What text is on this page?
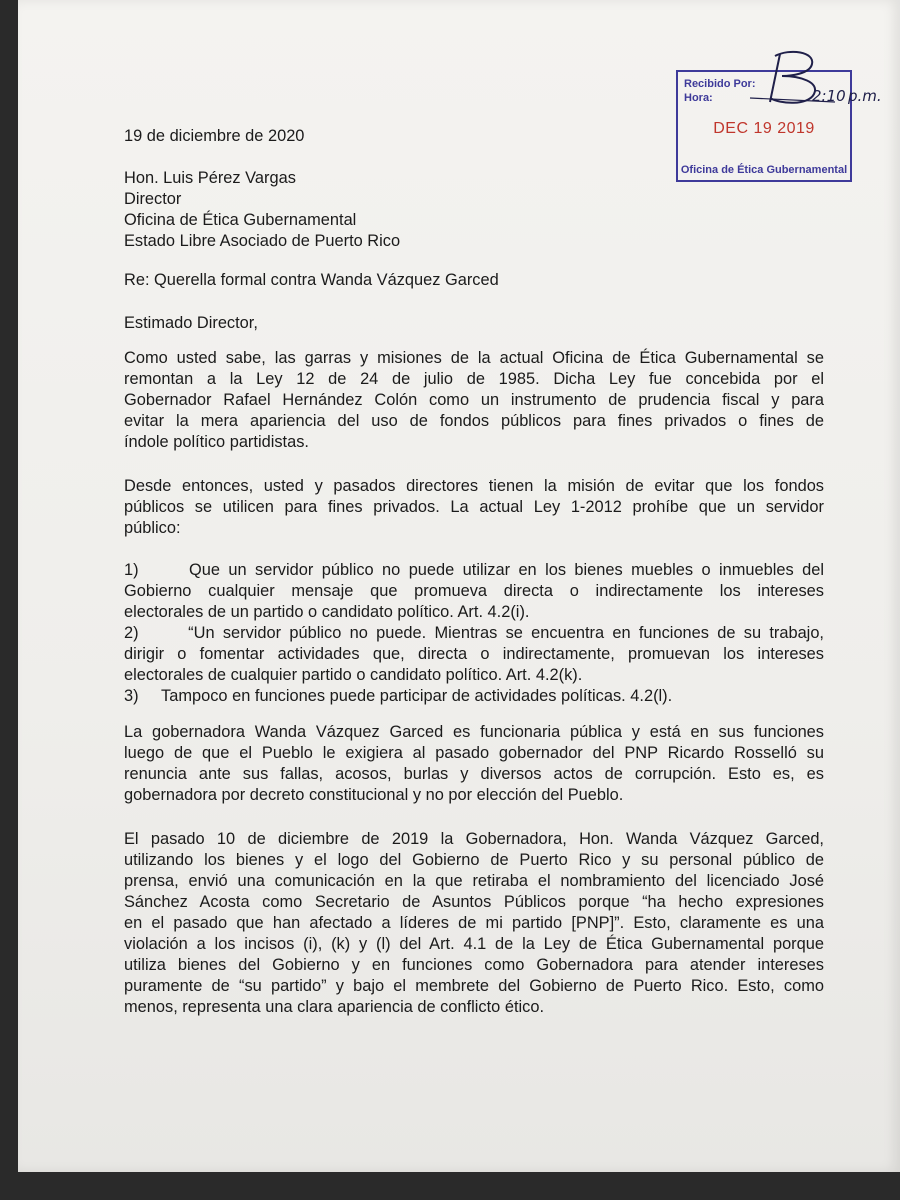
Recibido Por:
Hora:
DEC 19 2019
Oficina de Ética Gubernamental
2:10 p.m.
19 de diciembre de 2020
Hon. Luis Pérez Vargas
Director
Oficina de Ética Gubernamental
Estado Libre Asociado de Puerto Rico
Re: Querella formal contra Wanda Vázquez Garced
Estimado Director,
Como usted sabe, las garras y misiones de la actual Oficina de Ética Gubernamental se
remontan a la Ley 12 de 24 de julio de 1985. Dicha Ley fue concebida por el
Gobernador Rafael Hernández Colón como un instrumento de prudencia fiscal y para
evitar la mera apariencia del uso de fondos públicos para fines privados o fines de
índole político partidistas.
Desde entonces, usted y pasados directores tienen la misión de evitar que los fondos
públicos se utilicen para fines privados. La actual Ley 1-2012 prohíbe que un servidor
público:
1)      Que un servidor público no puede utilizar en los bienes muebles o inmuebles del
Gobierno cualquier mensaje que promueva directa o indirectamente los intereses
electorales de un partido o candidato político. Art. 4.2(i).
2)      “Un servidor público no puede. Mientras se encuentra en funciones de su trabajo,
dirigir o fomentar actividades que, directa o indirectamente, promuevan los intereses
electorales de cualquier partido o candidato político. Art. 4.2(k).
3)     Tampoco en funciones puede participar de actividades políticas. 4.2(l).
La gobernadora Wanda Vázquez Garced es funcionaria pública y está en sus funciones
luego de que el Pueblo le exigiera al pasado gobernador del PNP Ricardo Rosselló su
renuncia ante sus fallas, acosos, burlas y diversos actos de corrupción. Esto es, es
gobernadora por decreto constitucional y no por elección del Pueblo.
El pasado 10 de diciembre de 2019 la Gobernadora, Hon. Wanda Vázquez Garced,
utilizando los bienes y el logo del Gobierno de Puerto Rico y su personal público de
prensa, envió una comunicación en la que retiraba el nombramiento del licenciado José
Sánchez Acosta como Secretario de Asuntos Públicos porque “ha hecho expresiones
en el pasado que han afectado a líderes de mi partido [PNP]”. Esto, claramente es una
violación a los incisos (i), (k) y (l) del Art. 4.1 de la Ley de Ética Gubernamental porque
utiliza bienes del Gobierno y en funciones como Gobernadora para atender intereses
puramente de “su partido” y bajo el membrete del Gobierno de Puerto Rico. Esto, como
menos, representa una clara apariencia de conflicto ético.
